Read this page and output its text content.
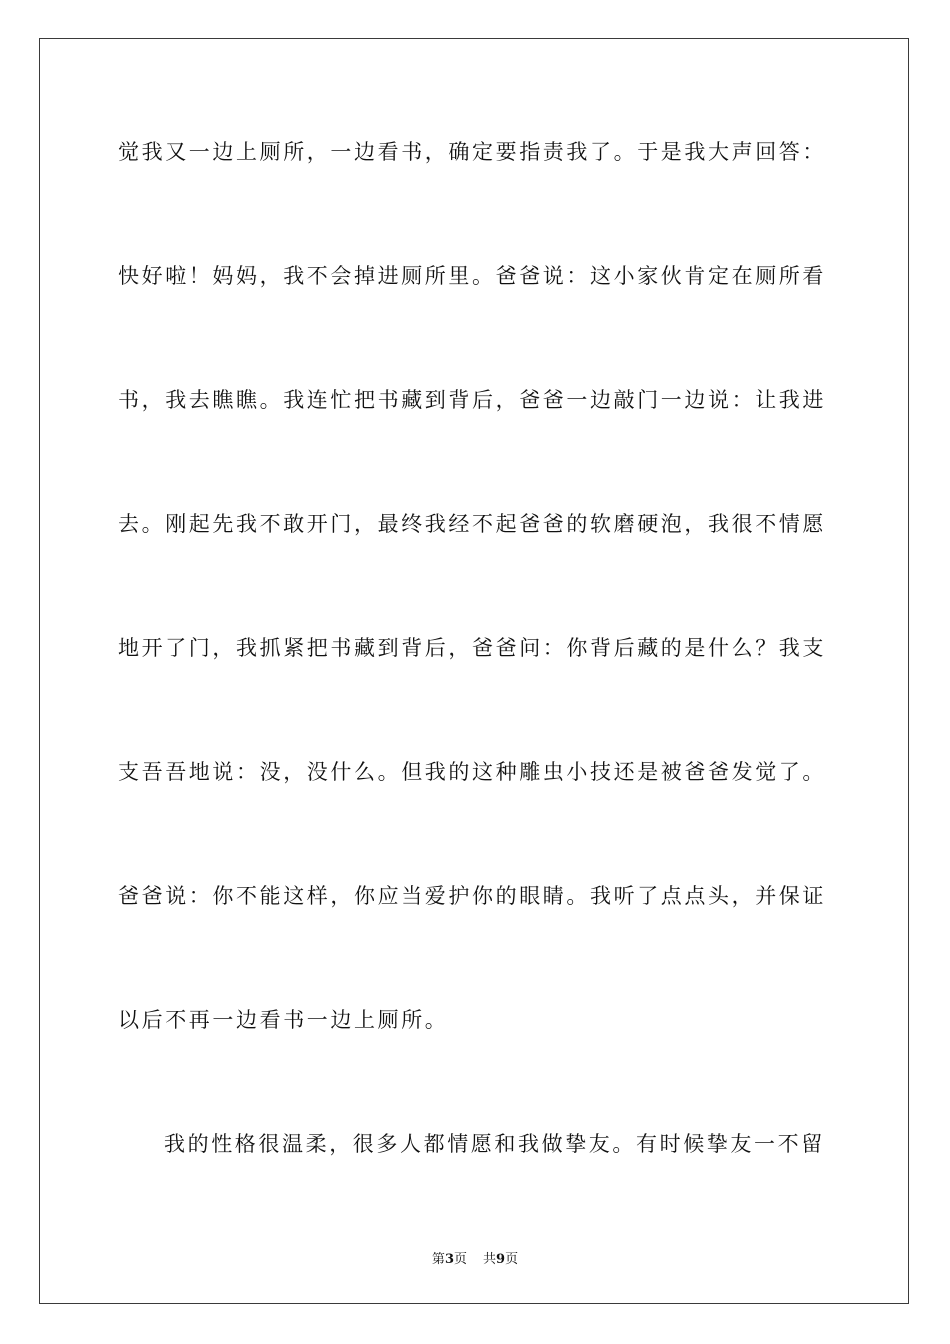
觉我又一边上厕所，一边看书，确定要指责我了。于是我大声回答：
快好啦！妈妈，我不会掉进厕所里。爸爸说：这小家伙肯定在厕所看
书，我去瞧瞧。我连忙把书藏到背后，爸爸一边敲门一边说：让我进
去。刚起先我不敢开门，最终我经不起爸爸的软磨硬泡，我很不情愿
地开了门，我抓紧把书藏到背后，爸爸问：你背后藏的是什么？我支
支吾吾地说：没，没什么。但我的这种雕虫小技还是被爸爸发觉了。
爸爸说：你不能这样，你应当爱护你的眼睛。我听了点点头，并保证
以后不再一边看书一边上厕所。
我的性格很温柔，很多人都情愿和我做挚友。有时候挚友一不留
第3页 共9页
